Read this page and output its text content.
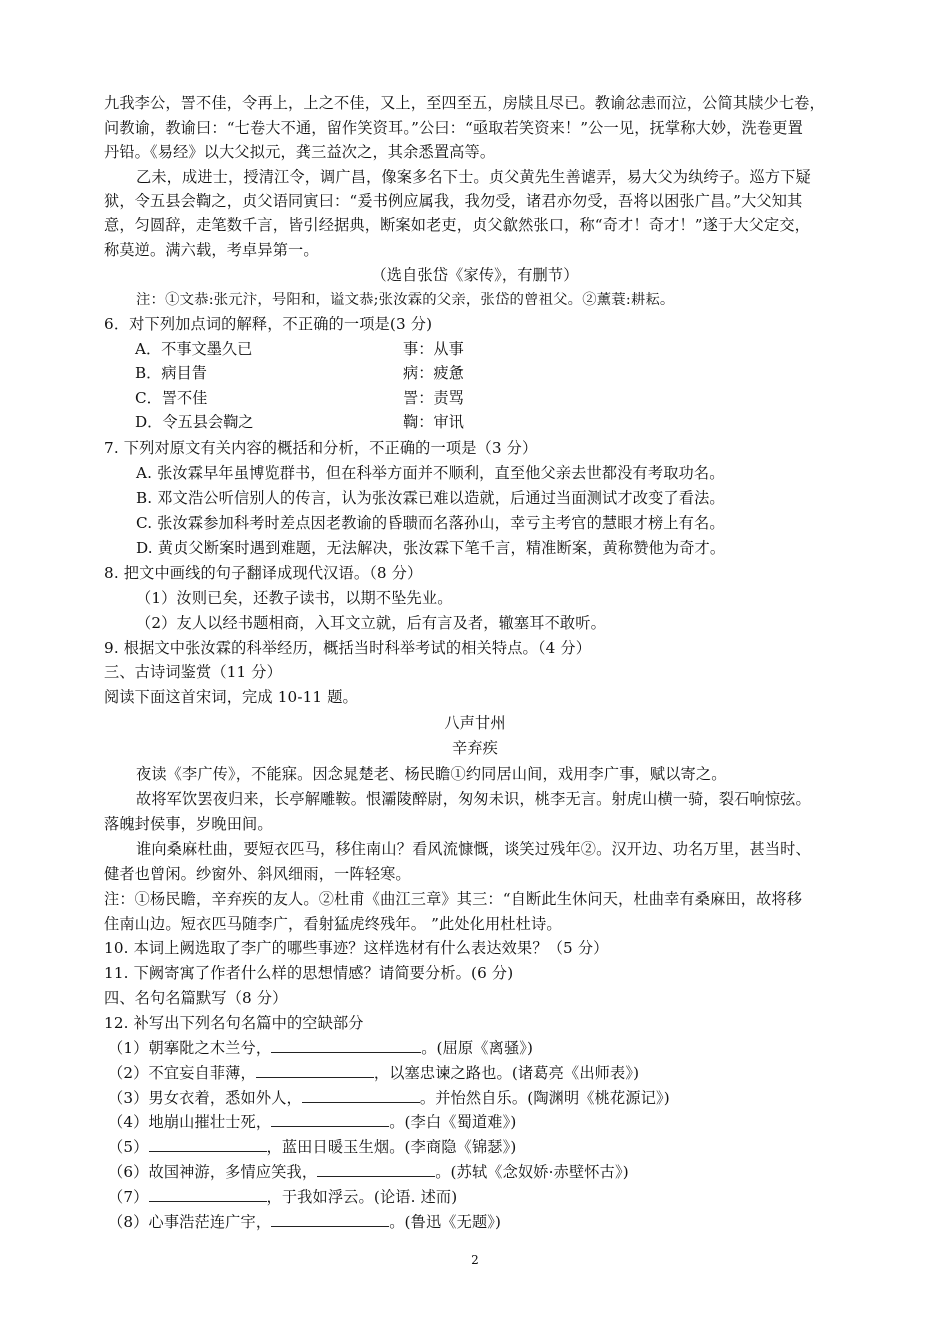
九我李公，詈不佳，令再上，上之不佳，又上，至四至五，房牍且尽已。教谕忿恚而泣，公简其牍少七卷，
问教谕，教谕曰：“七卷大不通，留作笑资耳。”公曰：“亟取若笑资来！”公一见，抚掌称大妙，洗卷更置
丹铅。《易经》以大父拟元，龚三益次之，其余悉置高等。
乙未，成进士，授清江令，调广昌，像案多名下士。贞父黄先生善谑弄，易大父为纨绔子。巡方下疑
狱，令五县会鞫之，贞父语同寅曰：“爰书例应属我，我勿受，诸君亦勿受，吾将以困张广昌。”大父知其
意，匀圆辞，走笔数千言，皆引经据典，断案如老吏，贞父歙然张口，称“奇才！奇才！”遂于大父定交，
称莫逆。满六载，考卓异第一。
（选自张岱《家传》，有删节）
注：①文恭:张元汴，号阳和，谥文恭;张汝霖的父亲，张岱的曾祖父。②薰蓑:耕耘。
6．对下列加点词的解释，不正确的一项是(3 分)
A．不事文墨久已	事：从事
B．病目眚	病：疲惫
C．詈不佳	詈：责骂
D．令五县会鞫之	鞫：审讯
7. 下列对原文有关内容的概括和分析，不正确的一项是（3 分）
A. 张汝霖早年虽博览群书，但在科举方面并不顺利，直至他父亲去世都没有考取功名。
B. 邓文浩公听信别人的传言，认为张汝霖已难以造就，后通过当面测试才改变了看法。
C. 张汝霖参加科考时差点因老教谕的昏聩而名落孙山，幸亏主考官的慧眼才榜上有名。
D. 黄贞父断案时遇到难题，无法解决，张汝霖下笔千言，精准断案，黄称赞他为奇才。
8. 把文中画线的句子翻译成现代汉语。（8 分）
（1）汝则已矣，还教子读书，以期不坠先业。
（2）友人以经书题相商，入耳文立就，后有言及者，辙塞耳不敢听。
9. 根据文中张汝霖的科举经历，概括当时科举考试的相关特点。（4 分）
三、古诗词鉴赏（11 分）
阅读下面这首宋词，完成 10-11 题。
八声甘州
辛弃疾
夜读《李广传》，不能寐。因念晁楚老、杨民瞻①约同居山间，戏用李广事，赋以寄之。
故将军饮罢夜归来，长亭解雕鞍。恨灞陵醉尉，匆匆未识，桃李无言。射虎山横一骑，裂石响惊弦。
落魄封侯事，岁晚田间。
谁向桑麻杜曲，要短衣匹马，移住南山？看风流慷慨，谈笑过残年②。汉开边、功名万里，甚当时、
健者也曾闲。纱窗外、斜风细雨，一阵轻寒。
注：①杨民瞻，辛弃疾的友人。②杜甫《曲江三章》其三：“自断此生休问天，杜曲幸有桑麻田，故将移
住南山边。短衣匹马随李广，看射猛虎终残年。 ”此处化用杜杜诗。
10. 本词上阙选取了李广的哪些事迹？这样选材有什么表达效果？（5 分）
11. 下阙寄寓了作者什么样的思想情感？请简要分析。(6 分)
四、名句名篇默写（8 分）
12. 补写出下列名句名篇中的空缺部分
（1）朝搴阰之木兰兮，	。(屈原《离骚》)
（2）不宜妄自菲薄，	，以塞忠谏之路也。(诸葛亮《出师表》)
（3）男女衣着，悉如外人，	。并怡然自乐。(陶渊明《桃花源记》)
（4）地崩山摧壮士死，	。(李白《蜀道难》)
（5）	，蓝田日暖玉生烟。(李商隐《锦瑟》)
（6）故国神游，多情应笑我，	。(苏轼《念奴娇·赤壁怀古》)
（7）	，于我如浮云。(论语. 述而)
（8）心事浩茫连广宇，	。(鲁迅《无题》)
2
